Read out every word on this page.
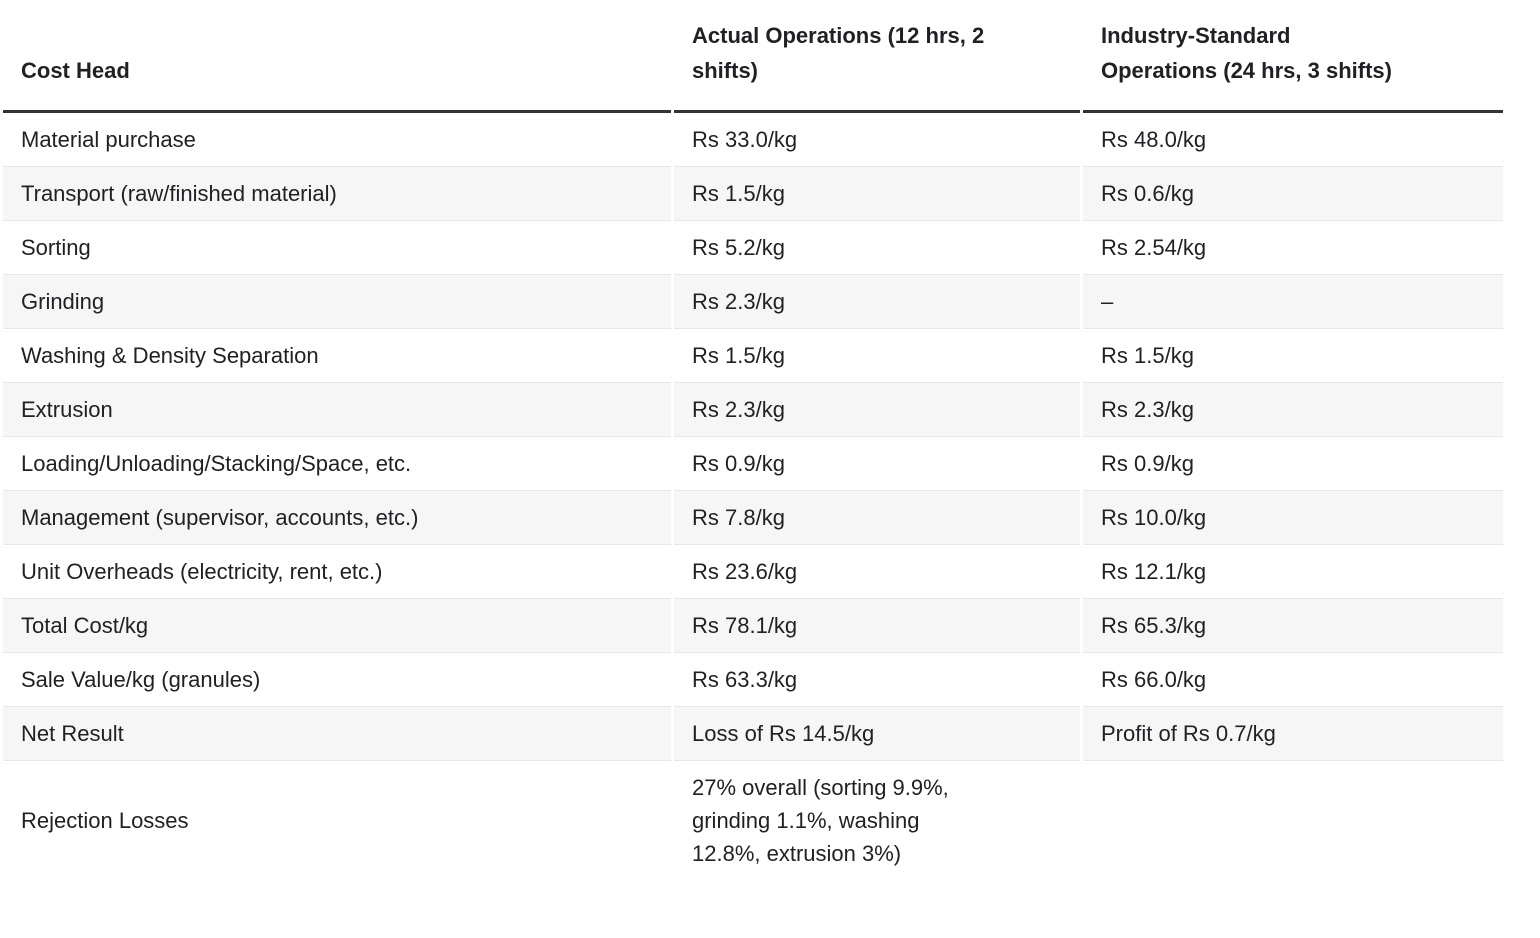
Cost Head	Actual Operations (12 hrs, 2 shifts)	Industry-Standard Operations (24 hrs, 3 shifts)
Material purchase	Rs 33.0/kg	Rs 48.0/kg
Transport (raw/finished material)	Rs 1.5/kg	Rs 0.6/kg
Sorting	Rs 5.2/kg	Rs 2.54/kg
Grinding	Rs 2.3/kg	–
Washing & Density Separation	Rs 1.5/kg	Rs 1.5/kg
Extrusion	Rs 2.3/kg	Rs 2.3/kg
Loading/Unloading/Stacking/Space, etc.	Rs 0.9/kg	Rs 0.9/kg
Management (supervisor, accounts, etc.)	Rs 7.8/kg	Rs 10.0/kg
Unit Overheads (electricity, rent, etc.)	Rs 23.6/kg	Rs 12.1/kg
Total Cost/kg	Rs 78.1/kg	Rs 65.3/kg
Sale Value/kg (granules)	Rs 63.3/kg	Rs 66.0/kg
Net Result	Loss of Rs 14.5/kg	Profit of Rs 0.7/kg
Rejection Losses	27% overall (sorting 9.9%, grinding 1.1%, washing 12.8%, extrusion 3%)	
